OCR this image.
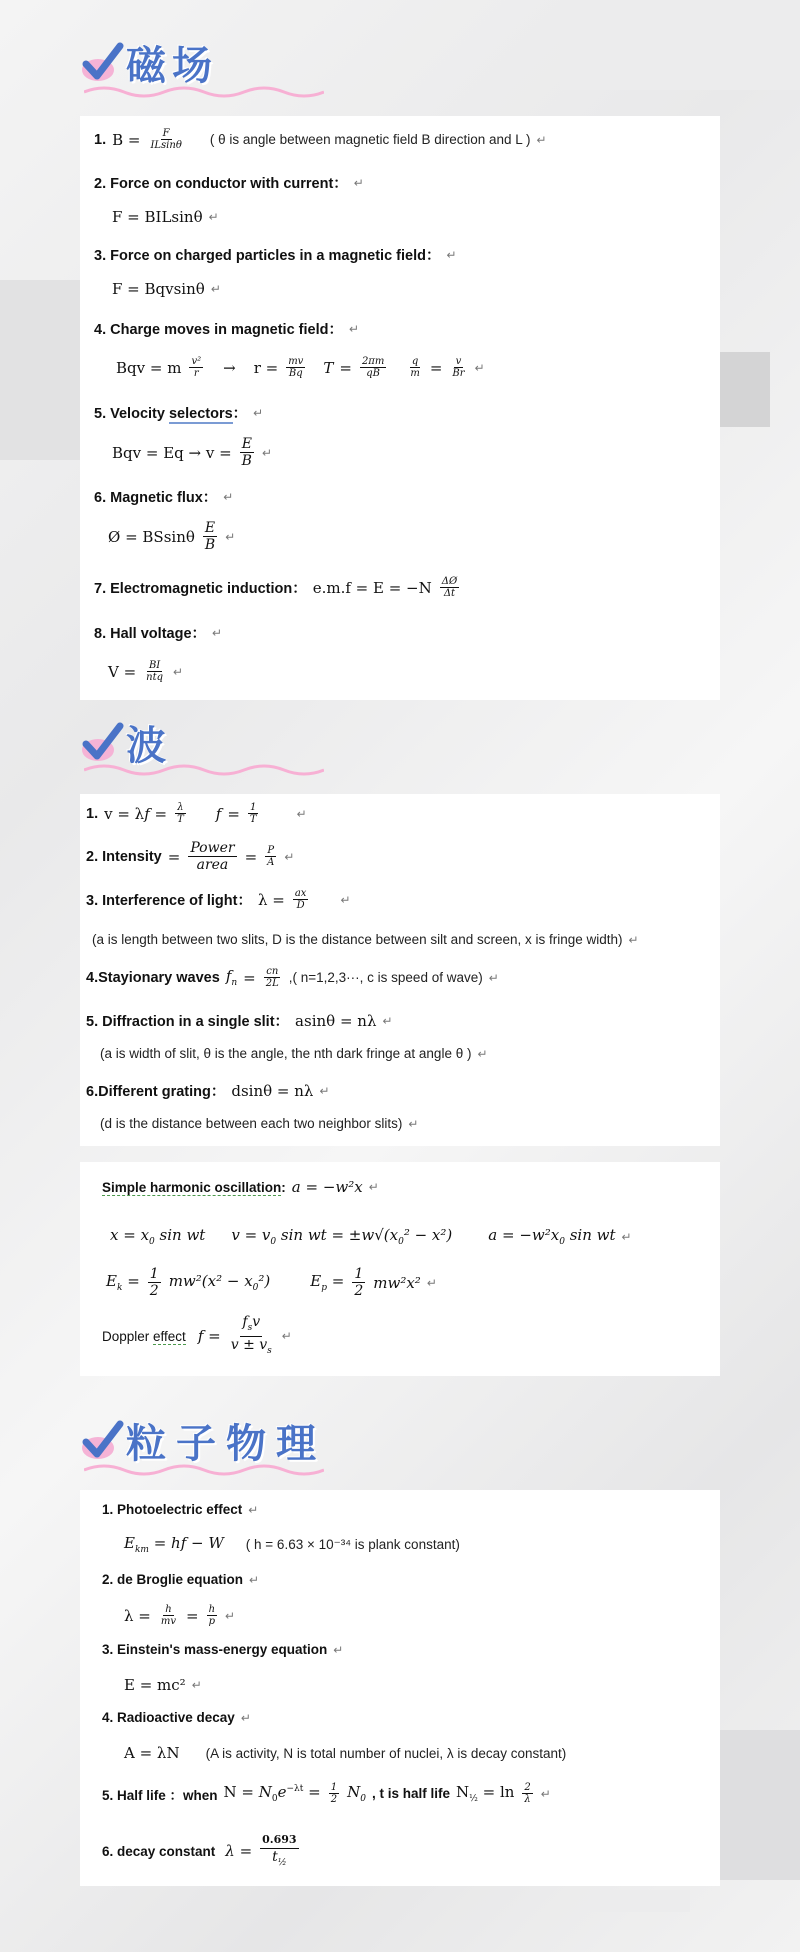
磁场
1. $B = \frac{F}{ILsin\theta}$ ( θ is angle between magnetic field B direction and L ) ↵
2. Force on conductor with current： ↵
F = BILsinθ ↵
3. Force on charged particles in a magnetic field： ↵
F = Bqvsinθ ↵
4. Charge moves in magnetic field： ↵
Bqv = m $\frac{\text{v²}}{r} \to r = \frac{mv}{Bq}$ $T = \frac{2\pi m}{qB} \frac{q}{m} = \frac{v}{Br}$ ↵
5. Velocity selectors： ↵
Bqv = $Eq \to v = \frac{E}{B}$ ↵
6. Magnetic flux： ↵
Ø = BSsinθ $\frac{E}{B}$ ↵
7. Electromagnetic induction： $e.m.f = E = -N \frac{\Delta Ø}{\Delta t}$
8. Hall voltage： ↵
$V = \frac{BI}{\text{ntq}}$ ↵
波
1. $v = \lambda f = \frac{\lambda}{T}$ $f = \frac{1}{T}$	↵
2. Intensity = $\frac{\text{Power}}{\text{area}} = \frac{P}{A}$ ↵
3. Interference of light： $\lambda = \frac{ax}{D}$	↵
(a is length between two slits, D is the distance between silt and screen, x is fringe width) ↵
4.Stayionary waves $f_n = \frac{cn}{2L}$ ,( n=1,2,3···, c is speed of wave) ↵
5. Diffraction in a single slit： asinθ = nλ ↵
(a is width of slit, θ is the angle, the nth dark fringe at angle θ ) ↵
6.Different grating： dsinθ = nλ ↵
(d is the distance between each two neighbor slits) ↵
Simple harmonic oscillation: a = −w²x ↵
$x = x_0$ sin wt $v = v_0$ sin wt = $\pm w√(x_0^2 - x^2) a = -w^2x_0$ sin wt ↵
$E_k = \frac{1}{2} mw^2(x^2 - x_0^2)$	$E_p = \frac{1}{2} mw^2x^2$ ↵
Doppler effect $f = \frac{f_sv}{v \pm v_s}$ ↵
粒子物理
1. Photoelectric effect ↵
$E_{km}$ = hf − W ( h = 6.63 × 10⁻³⁴ is plank constant)
2. de Broglie equation ↵
$\lambda = \frac{h}{mv} = \frac{h}{p}$ ↵
3. Einstein's mass-energy equation ↵
E = mc² ↵
4. Radioactive decay ↵
A = λN (A is activity, N is total number of nuclei, λ is decay constant)
5. Half life ：when $N = N_0e^{-\lambda t} = \frac{1}{2} N_0$ , t is half life $N_{\frac{1}{2}} = \ln \frac{2}{\lambda}$ ↵
6. decay constant $\lambda = \frac{0.693}{t_{\frac{1}{2}}}$
